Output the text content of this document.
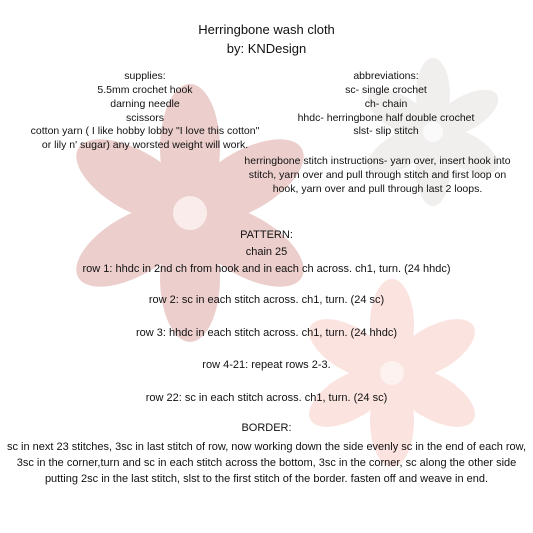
Herringbone wash cloth
by: KNDesign
supplies:
5.5mm crochet hook
darning needle
scissors
cotton yarn ( I like hobby lobby "I love this cotton" or lily n' sugar) any worsted weight will work.
abbreviations:
sc- single crochet
ch- chain
hhdc- herringbone half double crochet
slst- slip stitch
herringbone stitch instructions- yarn over, insert hook into stitch, yarn over and pull through stitch and first loop on hook, yarn over and pull through last 2 loops.
PATTERN:
chain 25
row 1: hhdc in 2nd ch from hook and in each ch across. ch1, turn. (24 hhdc)
row 2: sc in each stitch across. ch1, turn. (24 sc)
row 3: hhdc in each stitch across. ch1, turn. (24 hhdc)
row 4-21: repeat rows 2-3.
row 22: sc in each stitch across. ch1, turn. (24 sc)
BORDER:
sc in next 23 stitches, 3sc in last stitch of row, now working down the side evenly sc in the end of each row, 3sc in the corner,turn and sc in each stitch across the bottom, 3sc in the corner, sc along the other side putting 2sc in the last stitch, slst to the first stitch of the border. fasten off and weave in end.
